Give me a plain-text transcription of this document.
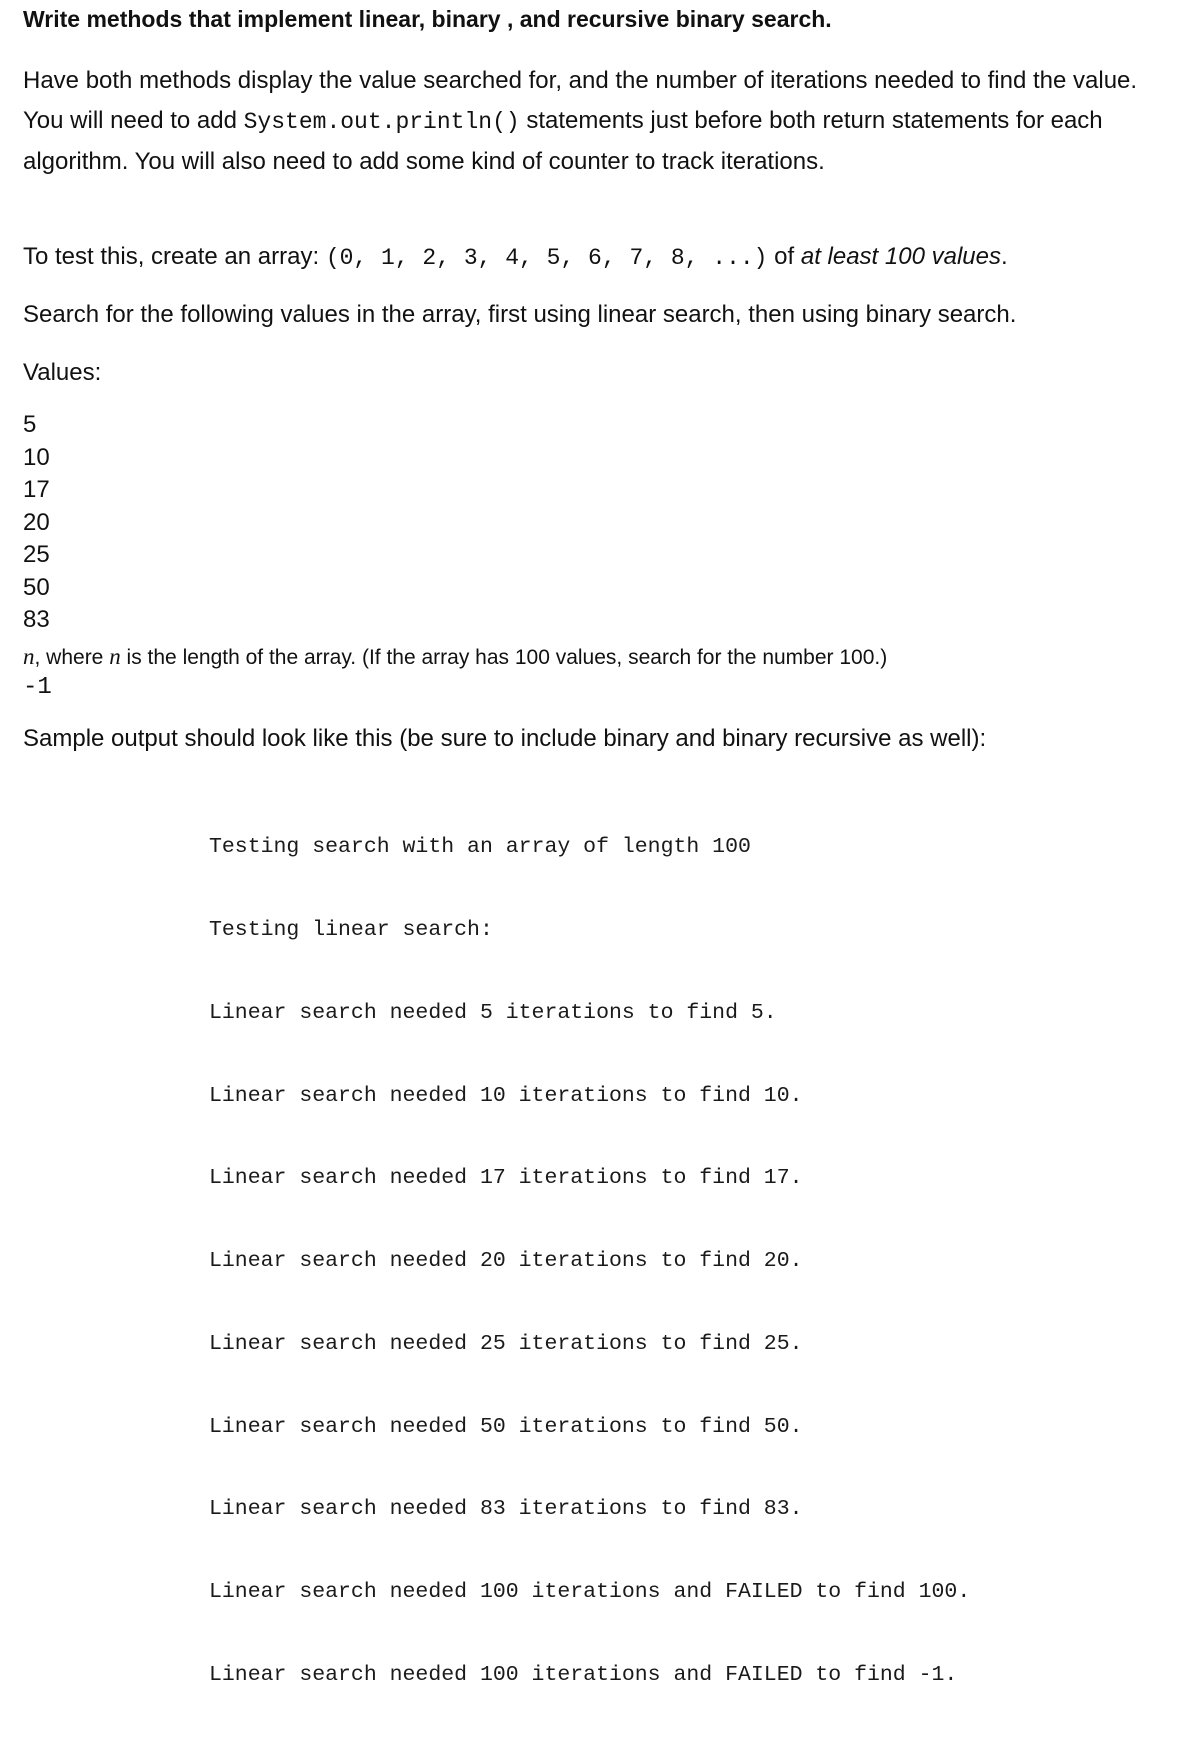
Write methods that implement linear, binary , and recursive binary search.

Have both methods display the value searched for, and the number of iterations needed to find the value. You will need to add System.out.println() statements just before both return statements for each algorithm. You will also need to add some kind of counter to track iterations.

To test this, create an array: (0, 1, 2, 3, 4, 5, 6, 7, 8, ...) of at least 100 values.

Search for the following values in the array, first using linear search, then using binary search.

Values:

5
10
17
20
25
50
83

n, where n is the length of the array. (If the array has 100 values, search for the number 100.)

-1

Sample output should look like this (be sure to include binary and binary recursive as well):

Testing search with an array of length 100

Testing linear search:

Linear search needed 5 iterations to find 5.

Linear search needed 10 iterations to find 10.

Linear search needed 17 iterations to find 17.

Linear search needed 20 iterations to find 20.

Linear search needed 25 iterations to find 25.

Linear search needed 50 iterations to find 50.

Linear search needed 83 iterations to find 83.

Linear search needed 100 iterations and FAILED to find 100.

Linear search needed 100 iterations and FAILED to find -1.
